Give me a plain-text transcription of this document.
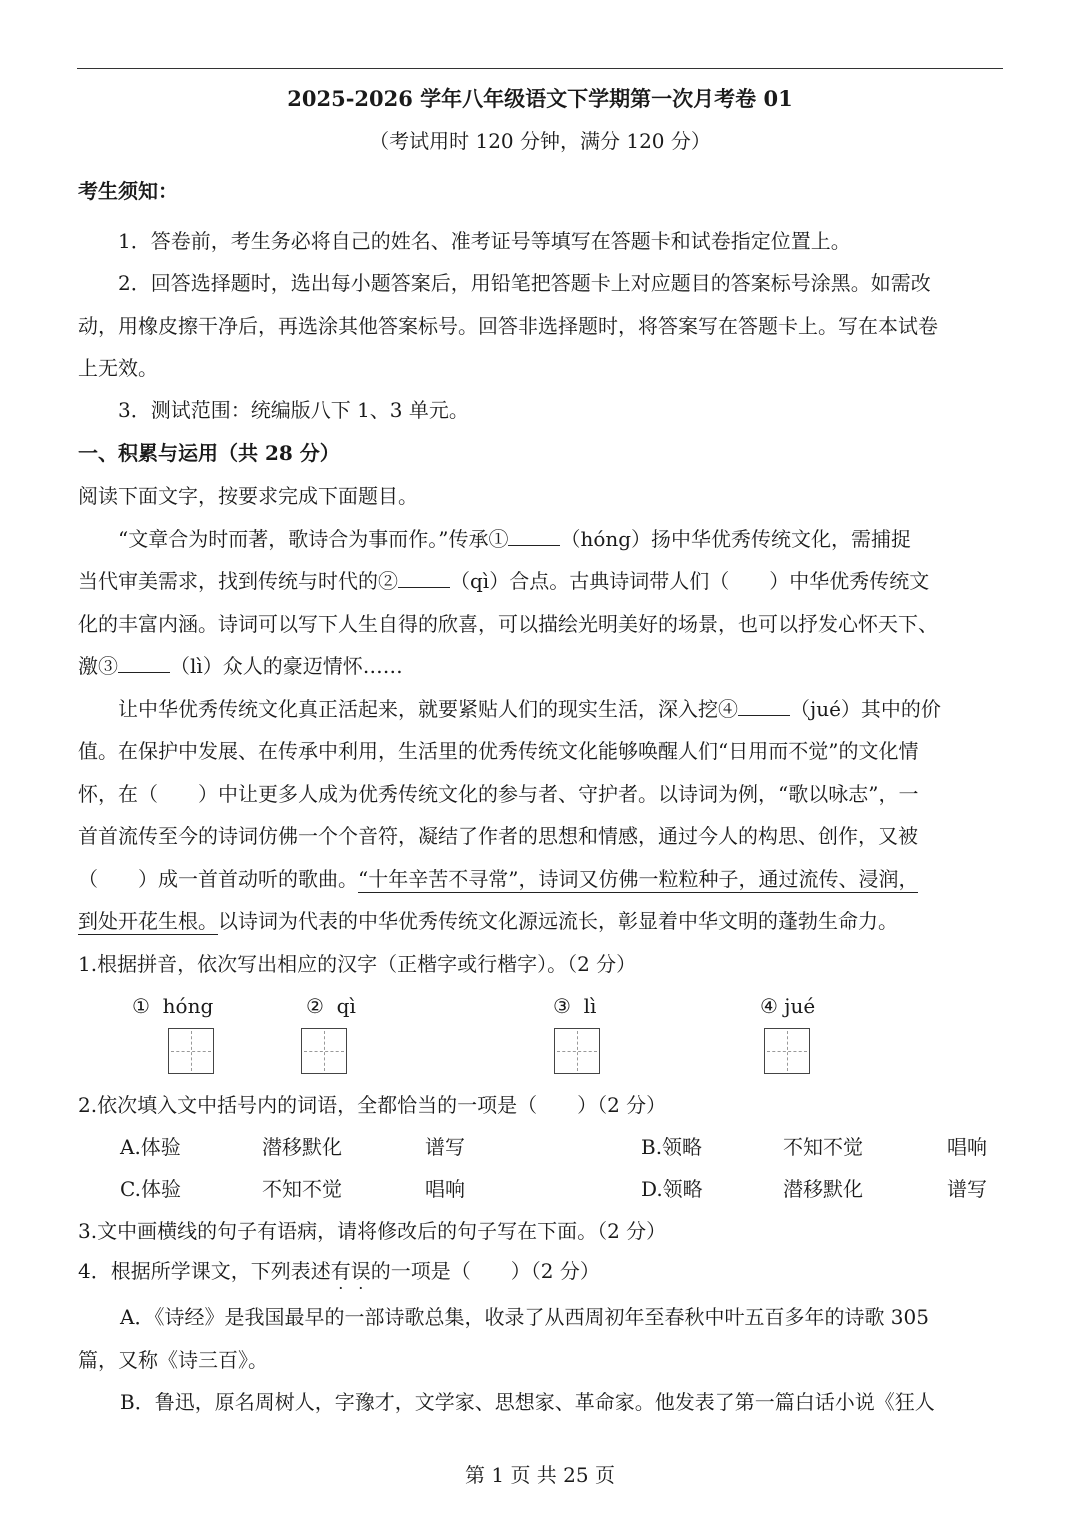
2025-2026 学年八年级语文下学期第一次月考卷 01
（考试用时 120 分钟，满分 120 分）
考生须知：
1．答卷前，考生务必将自己的姓名、准考证号等填写在答题卡和试卷指定位置上。
2．回答选择题时，选出每小题答案后，用铅笔把答题卡上对应题目的答案标号涂黑。如需改
动，用橡皮擦干净后，再选涂其他答案标号。回答非选择题时，将答案写在答题卡上。写在本试卷
上无效。
3．测试范围：统编版八下 1、3 单元。
一、积累与运用（共 28 分）
阅读下面文字，按要求完成下面题目。
“文章合为时而著，歌诗合为事而作。”传承①	（hóng）扬中华优秀传统文化，需捕捉
当代审美需求，找到传统与时代的②	（qì）合点。古典诗词带人们（　　）中华优秀传统文
化的丰富内涵。诗词可以写下人生自得的欣喜，可以描绘光明美好的场景，也可以抒发心怀天下、
激③	（lì）众人的豪迈情怀……
让中华优秀传统文化真正活起来，就要紧贴人们的现实生活，深入挖④	（jué）其中的价
值。在保护中发展、在传承中利用，生活里的优秀传统文化能够唤醒人们“日用而不觉”的文化情
怀，在（　　）中让更多人成为优秀传统文化的参与者、守护者。以诗词为例，“歌以咏志”，一
首首流传至今的诗词仿佛一个个音符，凝结了作者的思想和情感，通过今人的构思、创作，又被
（　　）成一首首动听的歌曲。“十年辛苦不寻常”，诗词又仿佛一粒粒种子，通过流传、浸润，
到处开花生根。以诗词为代表的中华优秀传统文化源远流长，彰显着中华文明的蓬勃生命力。
1.根据拼音，依次写出相应的汉字（正楷字或行楷字）。（2 分）
① hóng	② qì	③ lì	④ jué
2.依次填入文中括号内的词语，全都恰当的一项是（　　）（2 分）
A.体验	潜移默化	谱写	B.领略	不知不觉	唱响
C.体验	不知不觉	唱响	D.领略	潜移默化	谱写
3.文中画横线的句子有语病，请将修改后的句子写在下面。（2 分）
4．根据所学课文，下列表述有误的一项是（　　）（2 分）
A．《诗经》是我国最早的一部诗歌总集，收录了从西周初年至春秋中叶五百多年的诗歌 305
篇，又称《诗三百》。
B．鲁迅，原名周树人，字豫才，文学家、思想家、革命家。他发表了第一篇白话小说《狂人
第 1 页 共 25 页
